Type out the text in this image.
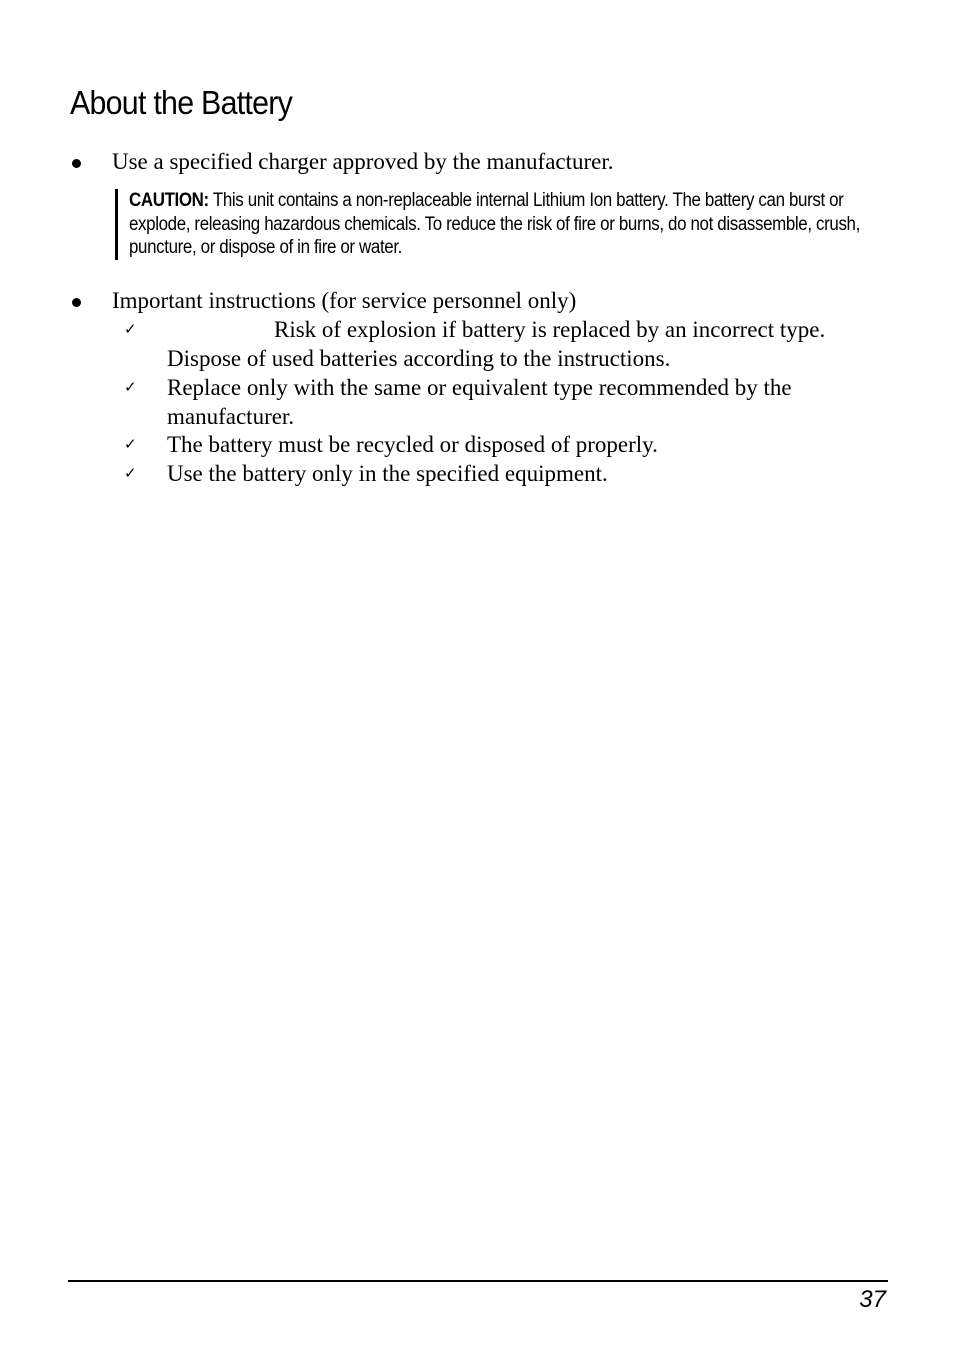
About the Battery
Use a specified charger approved by the manufacturer.
CAUTION: This unit contains a non-replaceable internal Lithium Ion battery. The battery can burst or explode, releasing hazardous chemicals. To reduce the risk of fire or burns, do not disassemble, crush, puncture, or dispose of in fire or water.
Important instructions (for service personnel only)
✓	Risk of explosion if battery is replaced by an incorrect type. Dispose of used batteries according to the instructions.
✓ Replace only with the same or equivalent type recommended by the manufacturer.
✓ The battery must be recycled or disposed of properly.
✓ Use the battery only in the specified equipment.
37
